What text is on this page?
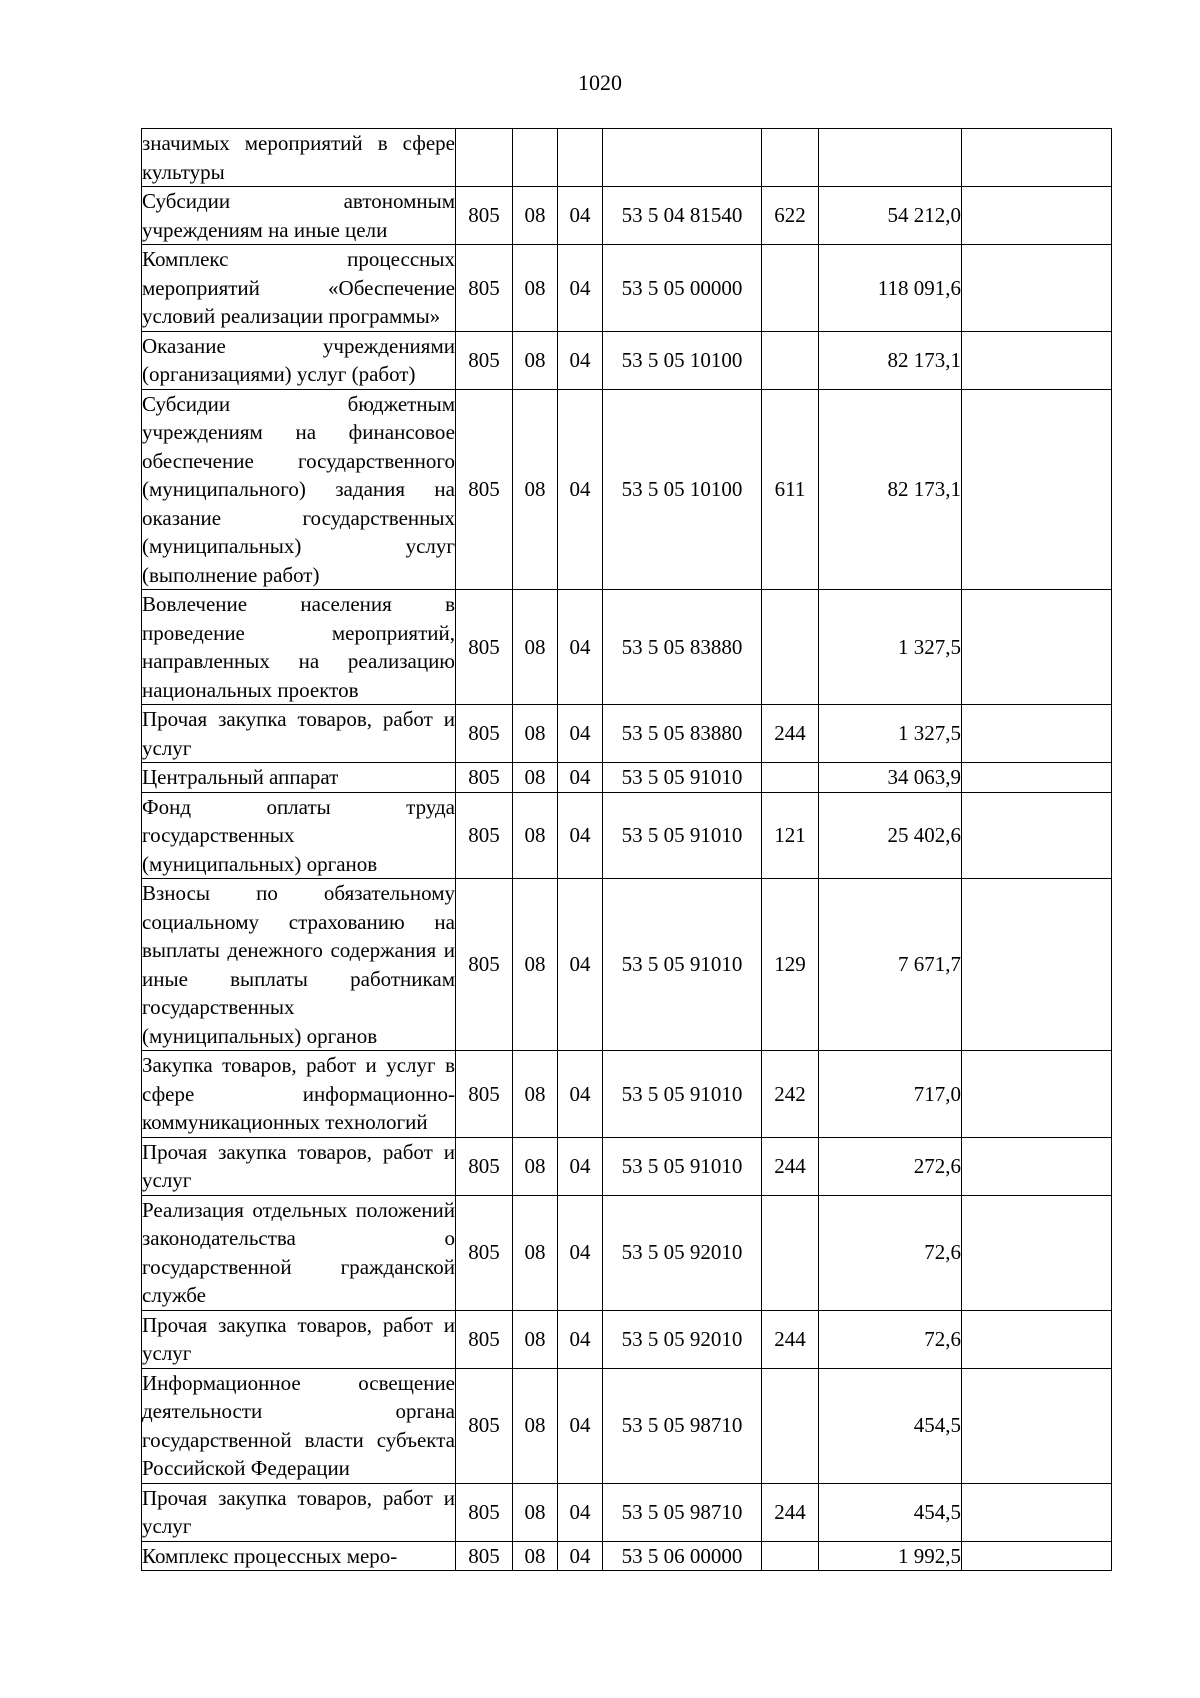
1020
значимых мероприятий в сфере культуры							
Субсидии автономным учреждениям на иные цели	805	08	04	53 5 04 81540	622	54 212,0	
Комплекс процессных мероприятий «Обеспечение условий реализации программы»	805	08	04	53 5 05 00000		118 091,6	
Оказание учреждениями (организациями) услуг (работ)	805	08	04	53 5 05 10100		82 173,1	
Субсидии бюджетным учреждениям на финансовое обеспечение государственного (муниципального) задания на оказание государственных (муниципальных) услуг (выполнение работ)	805	08	04	53 5 05 10100	611	82 173,1	
Вовлечение населения в проведение мероприятий, направленных на реализацию национальных проектов	805	08	04	53 5 05 83880		1 327,5	
Прочая закупка товаров, работ и услуг	805	08	04	53 5 05 83880	244	1 327,5	
Центральный аппарат	805	08	04	53 5 05 91010		34 063,9	
Фонд оплаты труда государственных (муниципальных) органов	805	08	04	53 5 05 91010	121	25 402,6	
Взносы по обязательному социальному страхованию на выплаты денежного содержания и иные выплаты работникам государственных (муниципальных) органов	805	08	04	53 5 05 91010	129	7 671,7	
Закупка товаров, работ и услуг в сфере информационно-коммуникационных технологий	805	08	04	53 5 05 91010	242	717,0	
Прочая закупка товаров, работ и услуг	805	08	04	53 5 05 91010	244	272,6	
Реализация отдельных положений законодательства о государственной гражданской службе	805	08	04	53 5 05 92010		72,6	
Прочая закупка товаров, работ и услуг	805	08	04	53 5 05 92010	244	72,6	
Информационное освещение деятельности органа государственной власти субъекта Российской Федерации	805	08	04	53 5 05 98710		454,5	
Прочая закупка товаров, работ и услуг	805	08	04	53 5 05 98710	244	454,5	
Комплекс процессных меро-	805	08	04	53 5 06 00000		1 992,5	
